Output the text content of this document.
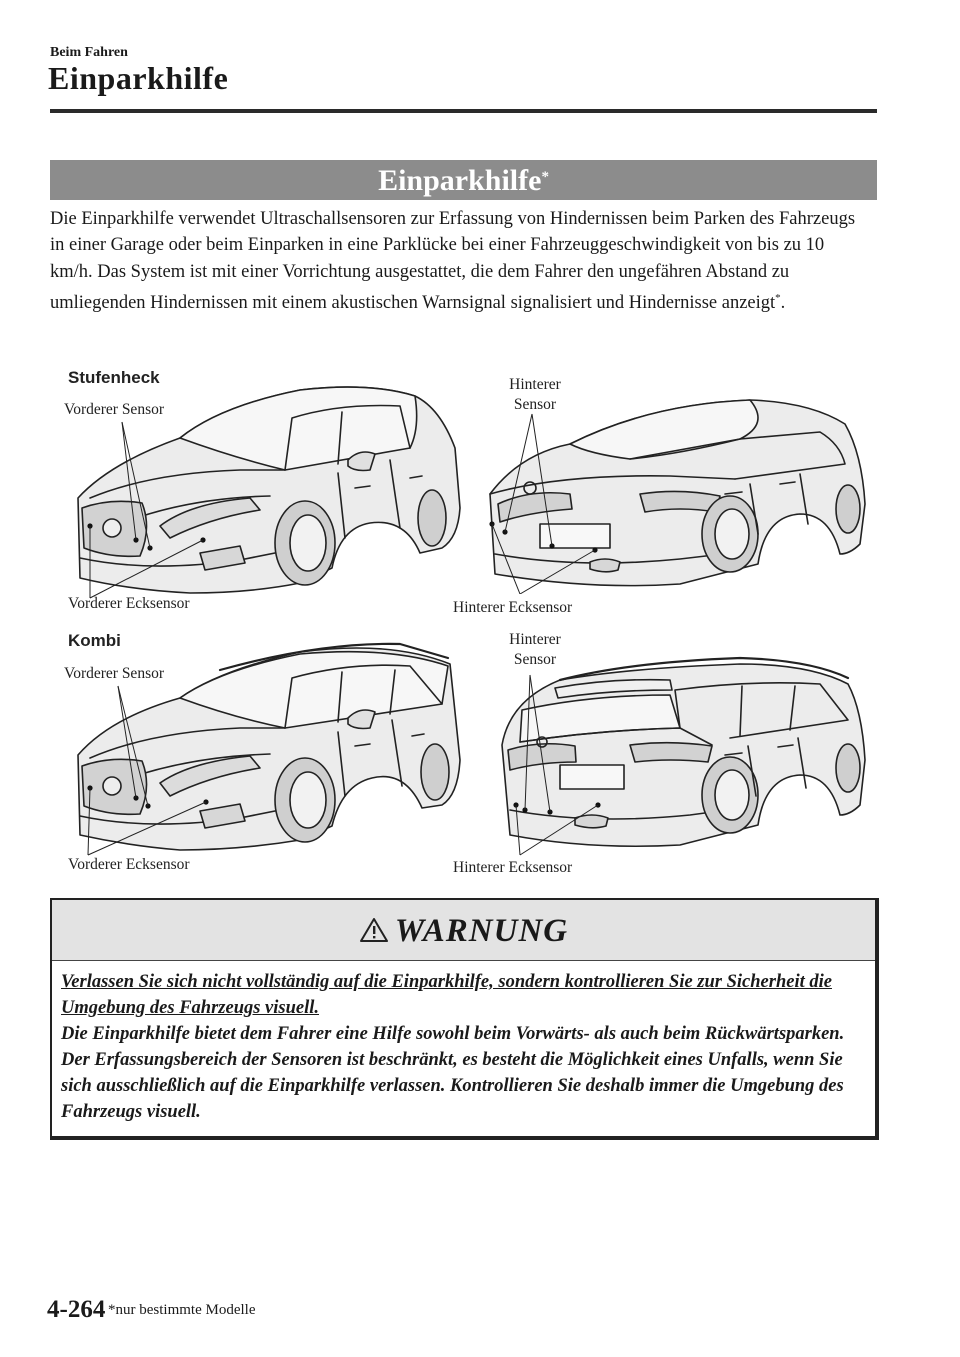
Beim Fahren
Einparkhilfe
Einparkhilfe*

Die Einparkhilfe verwendet Ultraschallsensoren zur Erfassung von Hindernissen beim Parken des Fahrzeugs in einer Garage oder beim Einparken in eine Parklücke bei einer Fahrzeuggeschwindigkeit von bis zu 10 km/h. Das System ist mit einer Vorrichtung ausgestattet, die dem Fahrer den ungefähren Abstand zu umliegenden Hindernissen mit einem akustischen Warnsignal signalisiert und Hindernisse anzeigt*.

Stufenheck
Vorderer Sensor
Vorderer Ecksensor
Hinterer
Sensor
Hinterer Ecksensor
Kombi
Vorderer Sensor
Vorderer Ecksensor
Hinterer
Sensor
Hinterer Ecksensor
WARNUNG

Verlassen Sie sich nicht vollständig auf die Einparkhilfe, sondern kontrollieren Sie zur Sicherheit die Umgebung des Fahrzeugs visuell.
Die Einparkhilfe bietet dem Fahrer eine Hilfe sowohl beim Vorwärts- als auch beim Rückwärtsparken. Der Erfassungsbereich der Sensoren ist beschränkt, es besteht die Möglichkeit eines Unfalls, wenn Sie sich ausschließlich auf die Einparkhilfe verlassen. Kontrollieren Sie deshalb immer die Umgebung des Fahrzeugs visuell.

4-264 *nur bestimmte Modelle
